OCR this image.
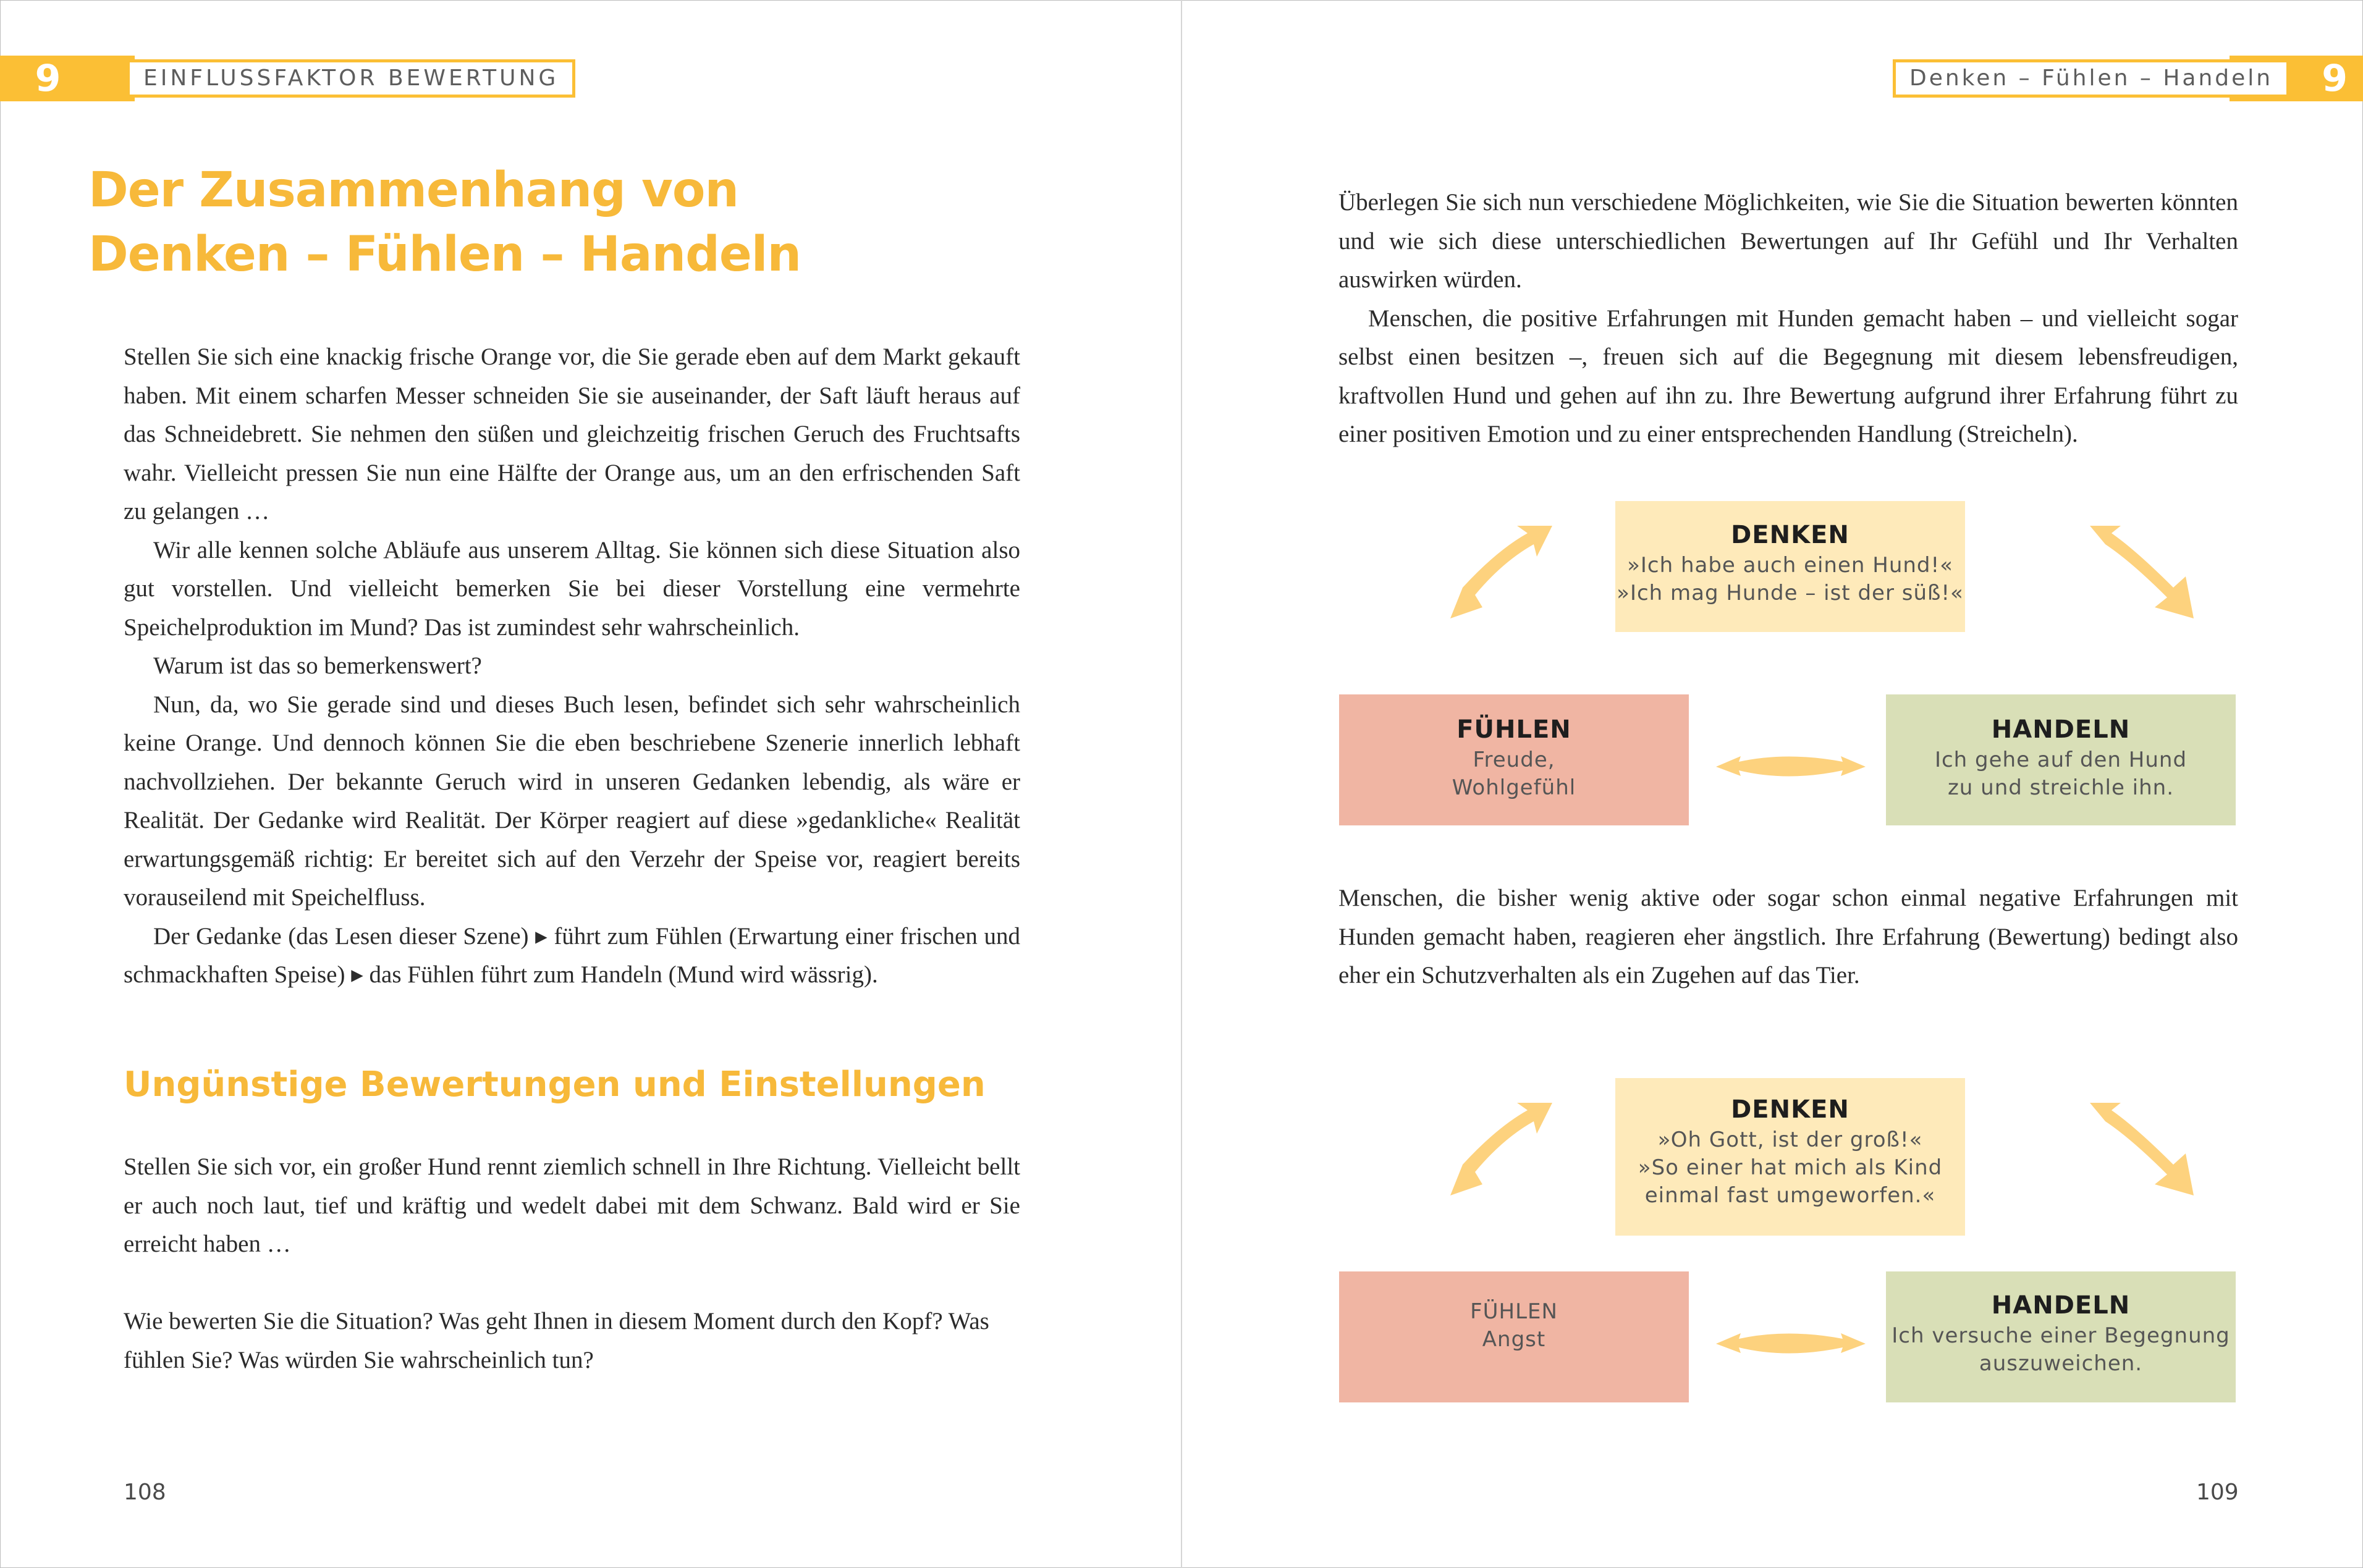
9	EINFLUSSFAKTOR BEWERTUNG	Denken – Fühlen – Handeln	9
Der Zusammenhang von
Denken – Fühlen – Handeln

Stellen Sie sich eine knackig frische Orange vor, die Sie gerade eben auf dem Markt gekauft haben. Mit einem scharfen Messer schneiden Sie sie auseinander, der Saft läuft heraus auf das Schneidebrett. Sie nehmen den süßen und gleichzeitig frischen Geruch des Fruchtsafts wahr. Vielleicht pressen Sie nun eine Hälfte der Orange aus, um an den erfrischenden Saft zu gelangen …

Wir alle kennen solche Abläufe aus unserem Alltag. Sie können sich diese Situation also gut vorstellen. Und vielleicht bemerken Sie bei dieser Vorstellung eine vermehrte Speichelproduktion im Mund? Das ist zumindest sehr wahrscheinlich.

Warum ist das so bemerkenswert?

Nun, da, wo Sie gerade sind und dieses Buch lesen, befindet sich sehr wahrscheinlich keine Orange. Und dennoch können Sie die eben beschriebene Szenerie innerlich lebhaft nachvollziehen. Der bekannte Geruch wird in unseren Gedanken lebendig, als wäre er Realität. Der Gedanke wird Realität. Der Körper reagiert auf diese »gedankliche« Realität erwartungsgemäß richtig: Er bereitet sich auf den Verzehr der Speise vor, reagiert bereits vorauseilend mit Speichelfluss.

Der Gedanke (das Lesen dieser Szene) ▸ führt zum Fühlen (Erwartung einer frischen und schmackhaften Speise) ▸ das Fühlen führt zum Handeln (Mund wird wässrig).

Ungünstige Bewertungen und Einstellungen

Stellen Sie sich vor, ein großer Hund rennt ziemlich schnell in Ihre Richtung. Vielleicht bellt er auch noch laut, tief und kräftig und wedelt dabei mit dem Schwanz. Bald wird er Sie erreicht haben …

Wie bewerten Sie die Situation? Was geht Ihnen in diesem Moment durch den Kopf? Was fühlen Sie? Was würden Sie wahrscheinlich tun?

108

Überlegen Sie sich nun verschiedene Möglichkeiten, wie Sie die Situation bewerten könnten und wie sich diese unterschiedlichen Bewertungen auf Ihr Gefühl und Ihr Verhalten auswirken würden.

Menschen, die positive Erfahrungen mit Hunden gemacht haben – und vielleicht sogar selbst einen besitzen –, freuen sich auf die Begegnung mit diesem lebensfreudigen, kraftvollen Hund und gehen auf ihn zu. Ihre Bewertung aufgrund ihrer Erfahrung führt zu einer positiven Emotion und zu einer entsprechenden Handlung (Streicheln).

DENKEN
»Ich habe auch einen Hund!«
»Ich mag Hunde – ist der süß!«
FÜHLEN
Freude,
Wohlgefühl
HANDELN
Ich gehe auf den Hund
zu und streichle ihn.

Menschen, die bisher wenig aktive oder sogar schon einmal negative Erfahrungen mit Hunden gemacht haben, reagieren eher ängstlich. Ihre Erfahrung (Bewertung) bedingt also eher ein Schutzverhalten als ein Zugehen auf das Tier.

DENKEN
»Oh Gott, ist der groß!«
»So einer hat mich als Kind
einmal fast umgeworfen.«
FÜHLEN
Angst
HANDELN
Ich versuche einer Begegnung
auszuweichen.
109
